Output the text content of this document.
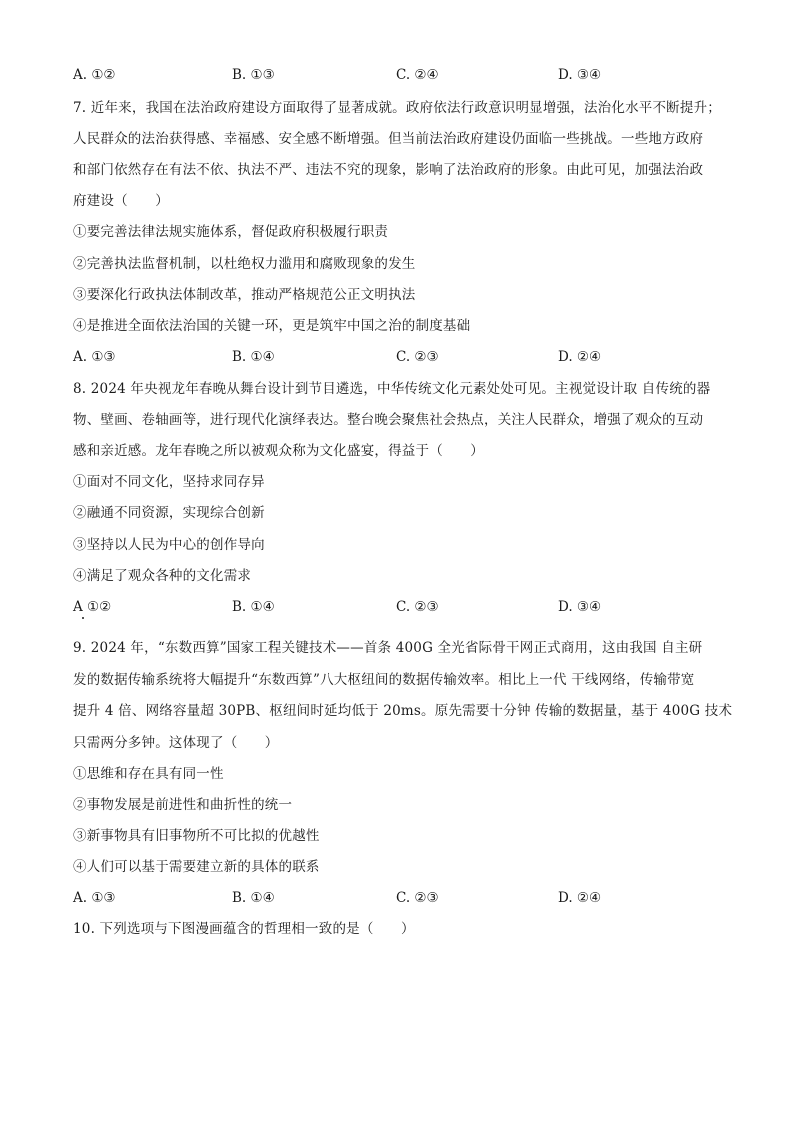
A. ①②	B. ①③	C. ②④	D. ③④
7. 近年来，我国在法治政府建设方面取得了显著成就。政府依法行政意识明显增强，法治化水平不断提升；
人民群众的法治获得感、幸福感、安全感不断增强。但当前法治政府建设仍面临一些挑战。一些地方政府
和部门依然存在有法不依、执法不严、违法不究的现象，影响了法治政府的形象。由此可见，加强法治政
府建设（　　）
①要完善法律法规实施体系，督促政府积极履行职责
②完善执法监督机制，以杜绝权力滥用和腐败现象的发生
③要深化行政执法体制改革，推动严格规范公正文明执法
④是推进全面依法治国的关键一环，更是筑牢中国之治的制度基础
A. ①③	B. ①④	C. ②③	D. ②④
8. 2024 年央视龙年春晚从舞台设计到节目遴选，中华传统文化元素处处可见。主视觉设计取 自传统的器
物、壁画、卷轴画等，进行现代化演绎表达。整台晚会聚焦社会热点，关注人民群众，增强了观众的互动
感和亲近感。龙年春晚之所以被观众称为文化盛宴，得益于（　　）
①面对不同文化，坚持求同存异
②融通不同资源，实现综合创新
③坚持以人民为中心的创作导向
④满足了观众各种的文化需求
A ①②	B. ①④	C. ②③	D. ③④
9. 2024 年，“东数西算”国家工程关键技术——首条 400G 全光省际骨干网正式商用，这由我国 自主研
发的数据传输系统将大幅提升“东数西算”八大枢纽间的数据传输效率。相比上一代 干线网络，传输带宽
提升 4 倍、网络容量超 30PB、枢纽间时延均低于 20ms。原先需要十分钟 传输的数据量，基于 400G 技术
只需两分多钟。这体现了（　　）
①思维和存在具有同一性
②事物发展是前进性和曲折性的统一
③新事物具有旧事物所不可比拟的优越性
④人们可以基于需要建立新的具体的联系
A. ①③	B. ①④	C. ②③	D. ②④
10. 下列选项与下图漫画蕴含的哲理相一致的是（　　）
